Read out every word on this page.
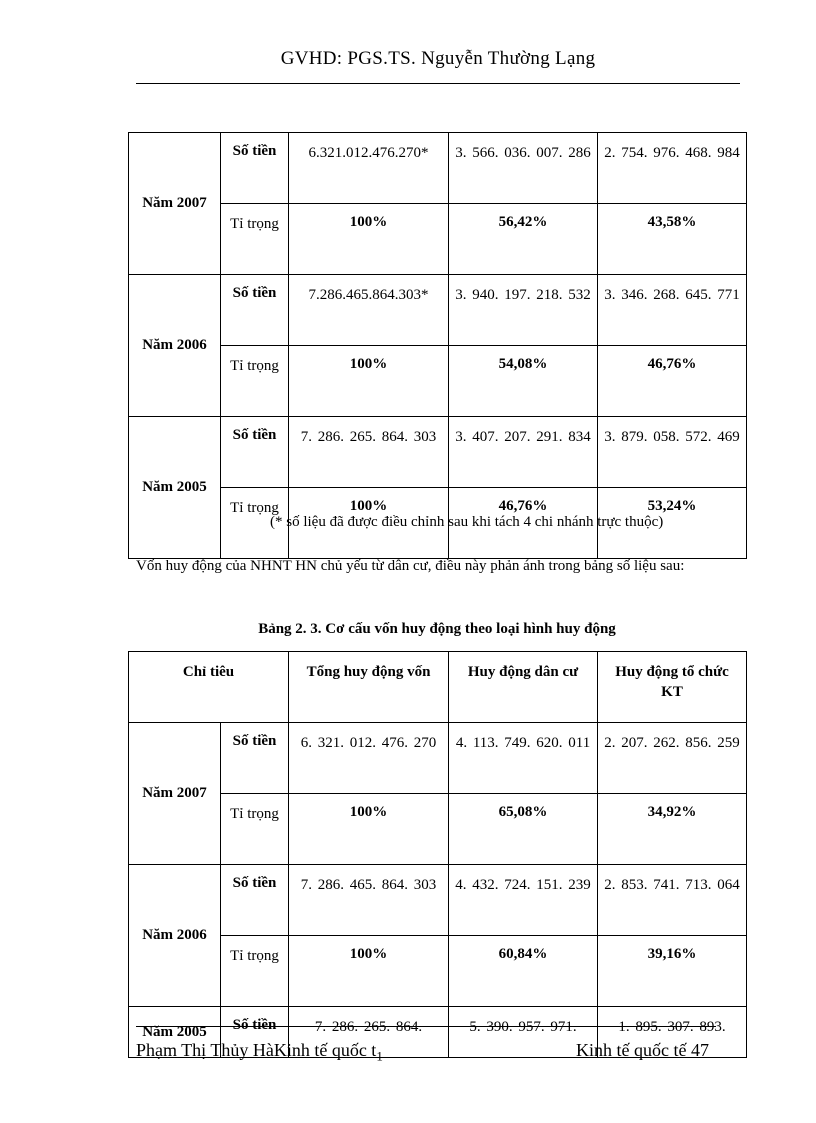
GVHD: PGS.TS. Nguyễn Thường Lạng
Năm 2007	Số tiền	6.321.012.476.270*	3. 566. 036. 007. 286	2. 754. 976. 468. 984
	Tỉ trọng	100%	56,42%	43,58%
Năm 2006	Số tiền	7.286.465.864.303*	3. 940. 197. 218. 532	3. 346. 268. 645. 771
	Tỉ trọng	100%	54,08%	46,76%
Năm 2005	Số tiền	7. 286. 265. 864. 303	3. 407. 207. 291. 834	3. 879. 058. 572. 469
	Tỉ trọng	100%	46,76%	53,24%
(* số liệu đã được điều chỉnh sau khi tách 4 chi nhánh trực thuộc)
Vốn huy động của NHNT HN chủ yếu từ dân cư, điều này phản ánh trong bảng số liệu sau:
Bảng 2. 3. Cơ cấu vốn huy động theo loại hình huy động
Chỉ tiêu		Tổng huy động vốn	Huy động dân cư	Huy động tổ chức KT
Năm 2007	Số tiền	6. 321. 012. 476. 270	4. 113. 749. 620. 011	2. 207. 262. 856. 259
	Tỉ trọng	100%	65,08%	34,92%
Năm 2006	Số tiền	7. 286. 465. 864. 303	4. 432. 724. 151. 239	2. 853. 741. 713. 064
	Tỉ trọng	100%	60,84%	39,16%
Năm 2005	Số tiền	7. 286. 265. 864.	5. 390. 957. 971.	1. 895. 307. 893.
Phạm Thị Thủy HàKinh tế quốc $t_1$	Kinh tế quốc tế 47
